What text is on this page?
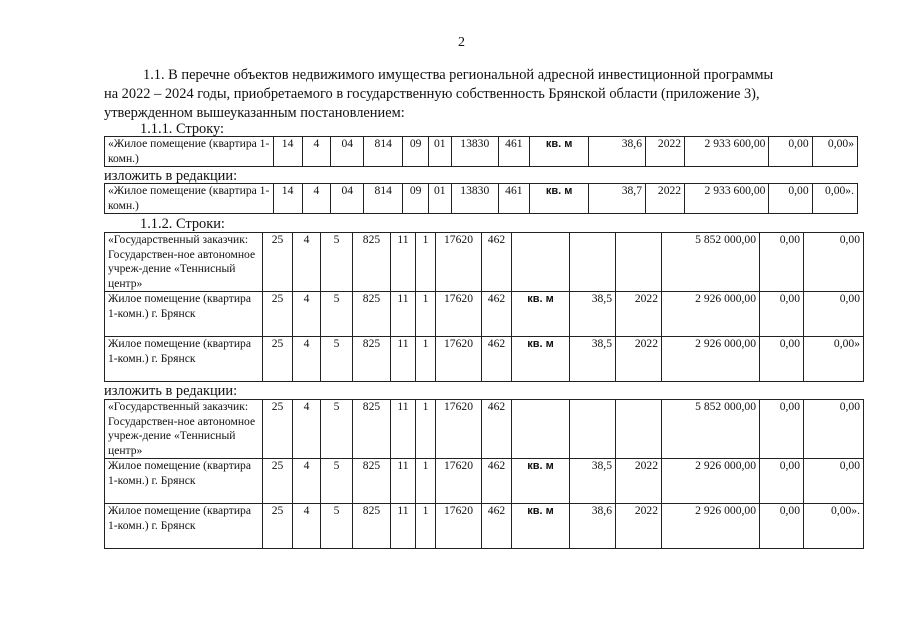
2
1.1. В перечне объектов недвижимого имущества региональной адресной инвестиционной программы
на 2022 – 2024 годы, приобретаемого в государственную собственность Брянской области (приложение 3),
утвержденном вышеуказанным постановлением:
1.1.1. Строку:
изложить в редакции:
1.1.2. Строки:
изложить в редакции:
«Жилое помещение (квартира 1-комн.)	14	4	04	814	09	01	13830	461	кв. м	38,6	2022	2 933 600,00	0,00	0,00»
«Жилое помещение (квартира 1-комн.)	14	4	04	814	09	01	13830	461	кв. м	38,7	2022	2 933 600,00	0,00	0,00».
«Государственный заказчик: Государствен-ное автономное учреж-дение «Теннисный центр»	25	4	5	825	11	1	17620	462				5 852 000,00	0,00	0,00
Жилое помещение (квартира 1-комн.) г. Брянск	25	4	5	825	11	1	17620	462	кв. м	38,5	2022	2 926 000,00	0,00	0,00
Жилое помещение (квартира 1-комн.) г. Брянск	25	4	5	825	11	1	17620	462	кв. м	38,5	2022	2 926 000,00	0,00	0,00»
«Государственный заказчик: Государствен-ное автономное учреж-дение «Теннисный центр»	25	4	5	825	11	1	17620	462				5 852 000,00	0,00	0,00
Жилое помещение (квартира 1-комн.) г. Брянск	25	4	5	825	11	1	17620	462	кв. м	38,5	2022	2 926 000,00	0,00	0,00
Жилое помещение (квартира 1-комн.) г. Брянск	25	4	5	825	11	1	17620	462	кв. м	38,6	2022	2 926 000,00	0,00	0,00».
